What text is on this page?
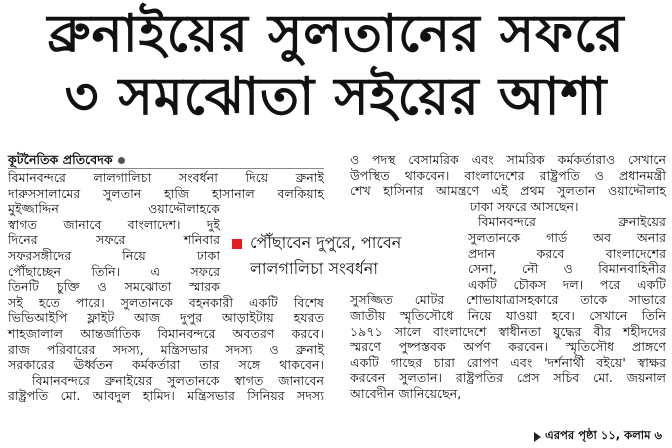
ব্রুনাইয়ের সুলতানের সফরে
৩ সমঝোতা সইয়ের আশা
কূটনৈতিক প্রতিবেদক
বিমানবন্দরে লালগালিচা সংবর্ধনা দিয়ে ব্রুনাই
দারুসসালামের সুলতান হাজি হাসানাল বলকিয়াহ
মুইজ্জাদ্দিন ওয়াদ্দৌলাহকে
স্বাগত জানাবে বাংলাদেশ। দুই
দিনের সফরে শনিবার
সফরসঙ্গীদের নিয়ে ঢাকা
পৌঁছাচ্ছেন তিনি। এ সফরে
তিনটি চুক্তি ও সমঝোতা স্মারক
সই হতে পারে। সুলতানকে বহনকারী একটি বিশেষ
ভিভিআইপি ফ্লাইট আজ দুপুর আড়াইটায় হযরত
শাহজালাল আন্তর্জাতিক বিমানবন্দরে অবতরণ করবে।
রাজ পরিবারের সদস্য, মন্ত্রিসভার সদস্য ও ব্রুনাই
সরকারের ঊর্ধ্বতন কর্মকর্তারা তার সঙ্গে থাকবেন।
বিমানবন্দরে ব্রুনাইয়ের সুলতানকে স্বাগত জানাবেন
রাষ্ট্রপতি মো. আবদুল হামিদ। মন্ত্রিসভার সিনিয়র সদস্য
ও পদস্থ বেসামরিক এবং সামরিক কর্মকর্তারাও সেখানে
উপস্থিত থাকবেন। বাংলাদেশের রাষ্ট্রপতি ও প্রধানমন্ত্রী
শেখ হাসিনার আমন্ত্রণে এই প্রথম সুলতান ওয়াদ্দৌলাহ
ঢাকা সফরে আসছেন।
বিমানবন্দরে ব্রুনাইয়ের
সুলতানকে গার্ড অব অনার
প্রদান করবে বাংলাদেশের
সেনা, নৌ ও বিমানবাহিনীর
একটি চৌকস দল। পরে একটি
সুসজ্জিত মোটর শোভাযাত্রাসহকারে তাকে সাভারে
জাতীয় স্মৃতিসৌধে নিয়ে যাওয়া হবে। সেখানে তিনি
১৯৭১ সালে বাংলাদেশে স্বাধীনতা যুদ্ধের বীর শহীদদের
স্মরণে পুষ্পস্তবক অর্পণ করবেন। স্মৃতিসৌধ প্রাঙ্গণে
একটি গাছের চারা রোপণ এবং 'দর্শনার্থী বইয়ে' স্বাক্ষর
করবেন সুলতান। রাষ্ট্রপতির প্রেস সচিব মো. জয়নাল
আবেদীন জানিয়েছেন,
পৌঁছাবেন দুপুরে, পাবেন লালগালিচা সংবর্ধনা
এরপর পৃষ্ঠা ১১, কলাম ৬
